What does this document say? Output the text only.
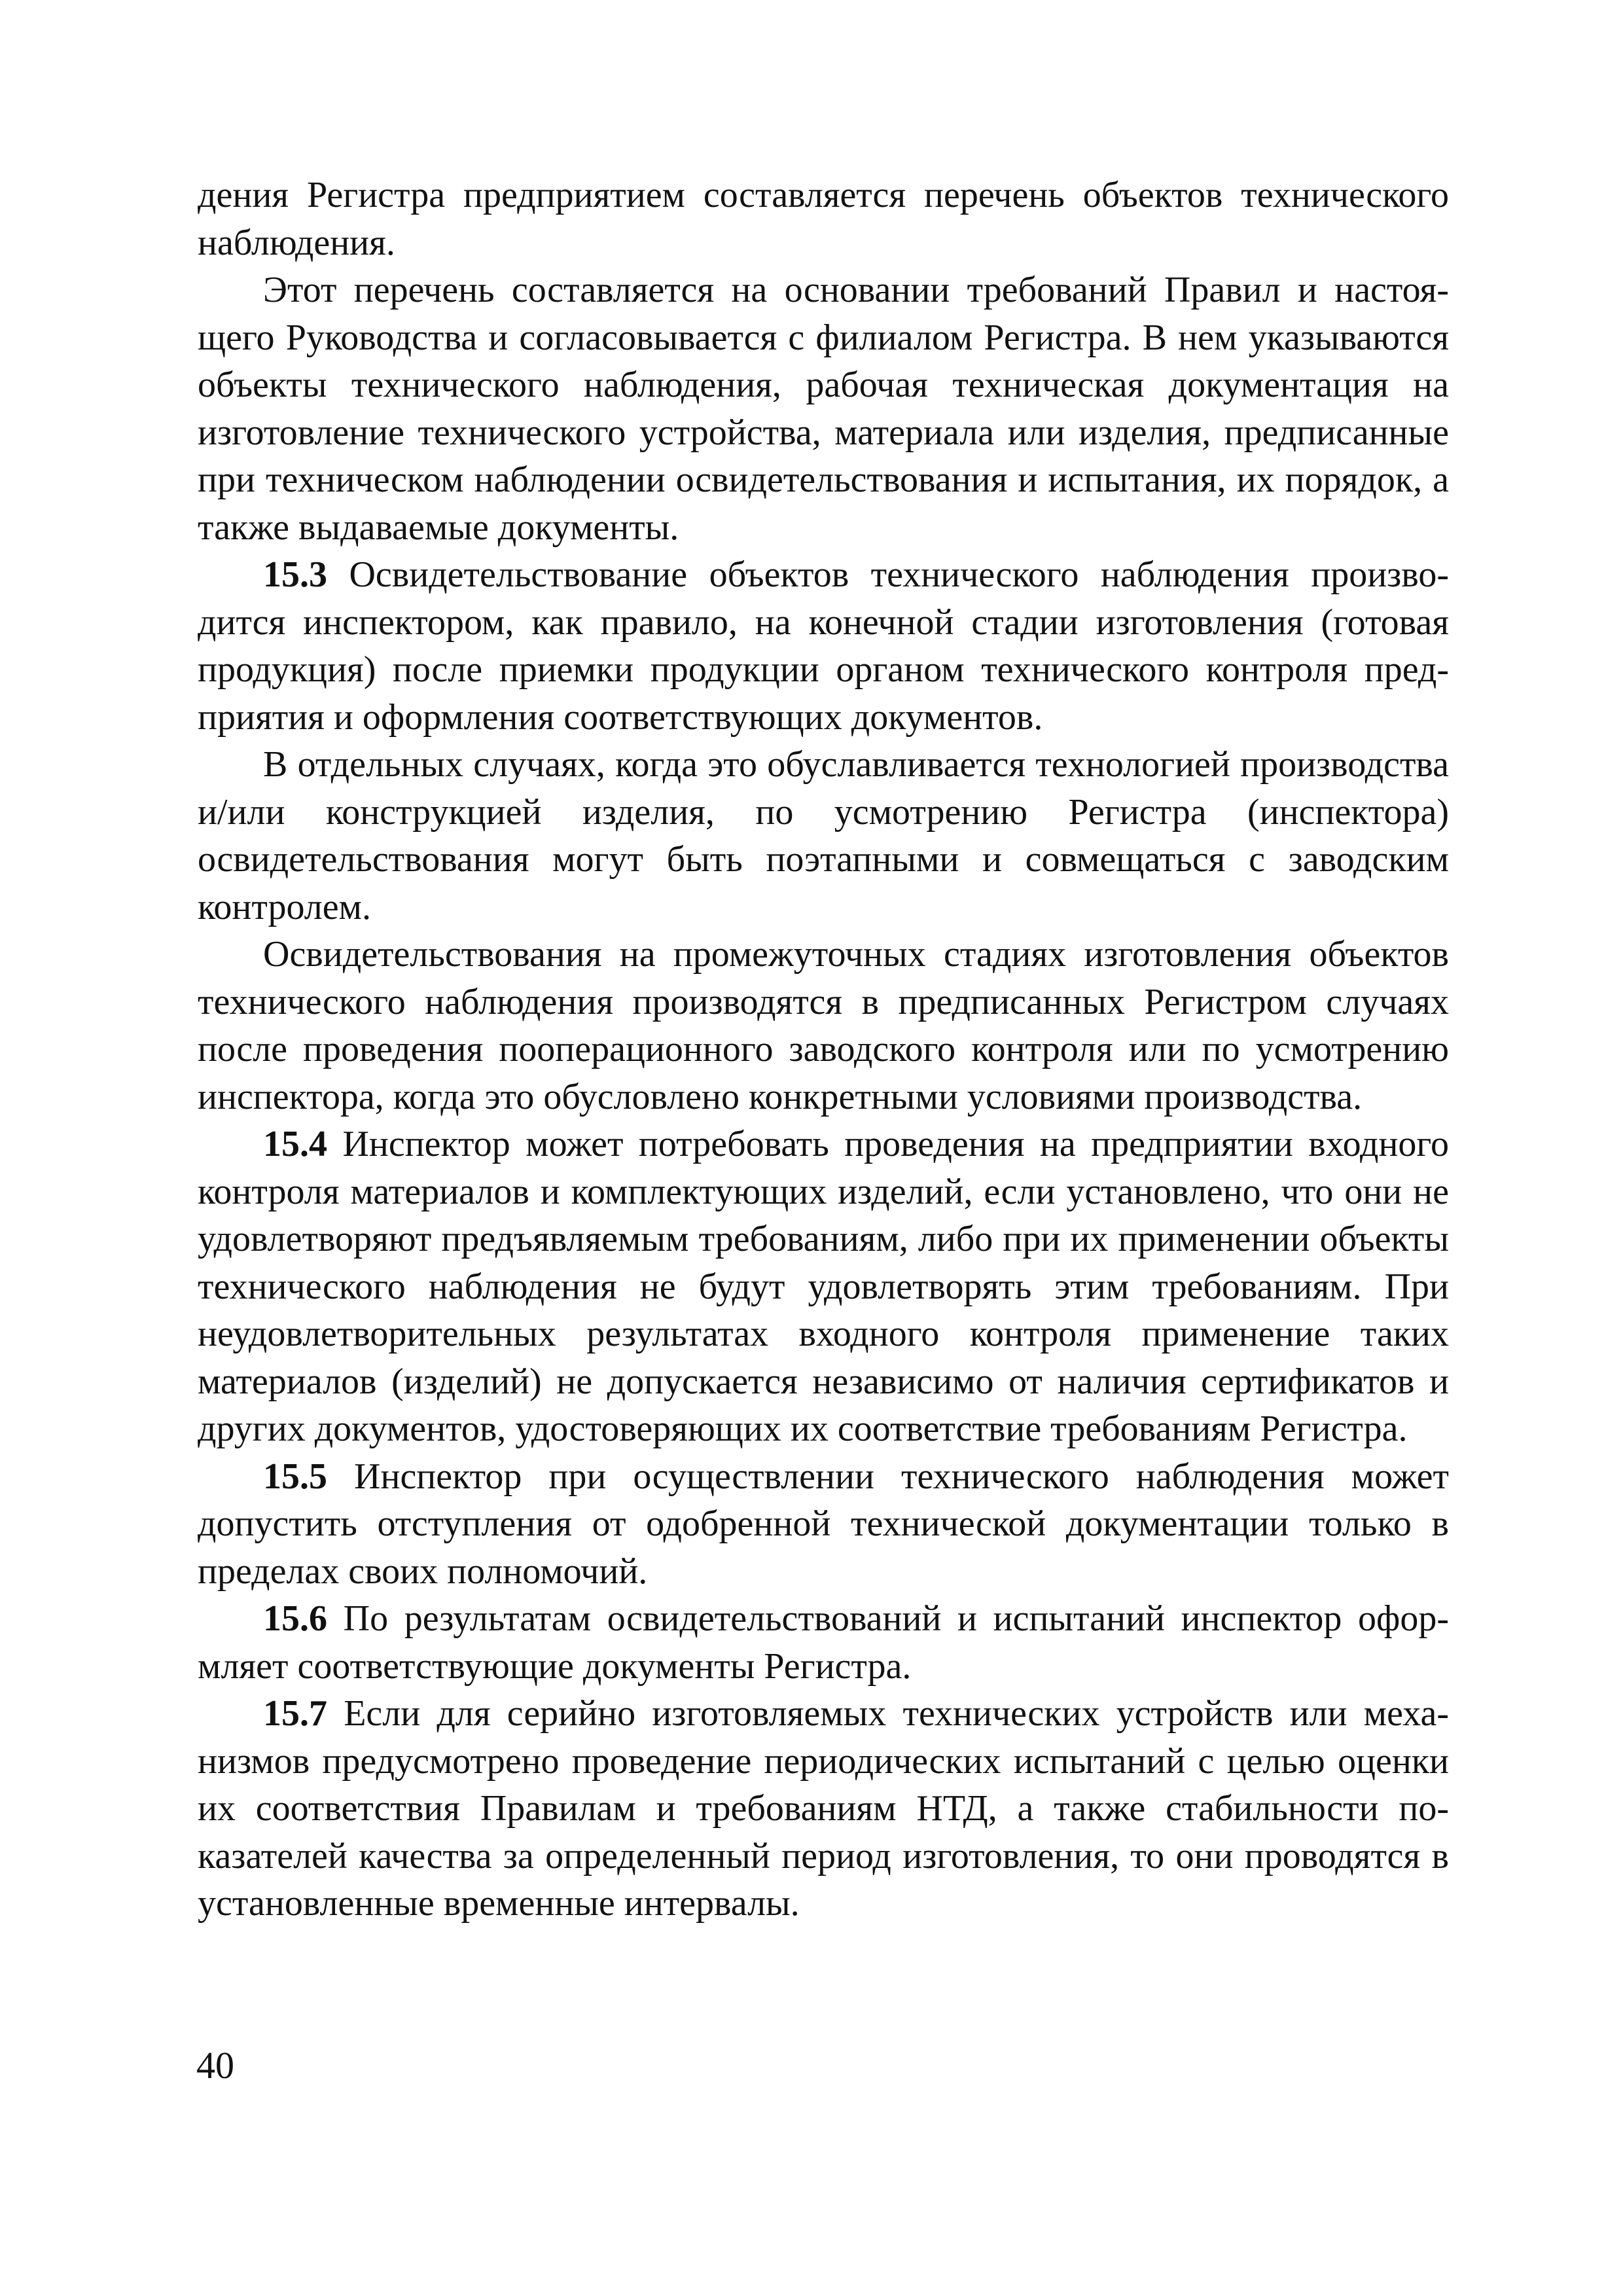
дения Регистра предприятием составляется перечень объектов технического наблюдения.

Этот перечень составляется на основании требований Правил и настоящего Руководства и согласовывается с филиалом Регистра. В нем указываются объекты технического наблюдения, рабочая техническая документация на изготовление технического устройства, материала или изделия, предписанные при техническом наблюдении освидетельствования и испытания, их порядок, а также выдаваемые документы.

15.3 Освидетельствование объектов технического наблюдения производится инспектором, как правило, на конечной стадии изготовления (готовая продукция) после приемки продукции органом технического контроля предприятия и оформления соответствующих документов.

В отдельных случаях, когда это обуславливается технологией производства и/или конструкцией изделия, по усмотрению Регистра (инспектора) освидетельствования могут быть поэтапными и совмещаться с заводским контролем.

Освидетельствования на промежуточных стадиях изготовления объектов технического наблюдения производятся в предписанных Регистром случаях после проведения пооперационного заводского контроля или по усмотрению инспектора, когда это обусловлено конкретными условиями производства.

15.4 Инспектор может потребовать проведения на предприятии входного контроля материалов и комплектующих изделий, если установлено, что они не удовлетворяют предъявляемым требованиям, либо при их применении объекты технического наблюдения не будут удовлетворять этим требованиям. При неудовлетворительных результатах входного контроля применение таких материалов (изделий) не допускается независимо от наличия сертификатов и других документов, удостоверяющих их соответствие требованиям Регистра.

15.5 Инспектор при осуществлении технического наблюдения может допустить отступления от одобренной технической документации только в пределах своих полномочий.

15.6 По результатам освидетельствований и испытаний инспектор оформляет соответствующие документы Регистра.

15.7 Если для серийно изготовляемых технических устройств или механизмов предусмотрено проведение периодических испытаний с целью оценки их соответствия Правилам и требованиям НТД, а также стабильности показателей качества за определенный период изготовления, то они проводятся в установленные временные интервалы.

40
